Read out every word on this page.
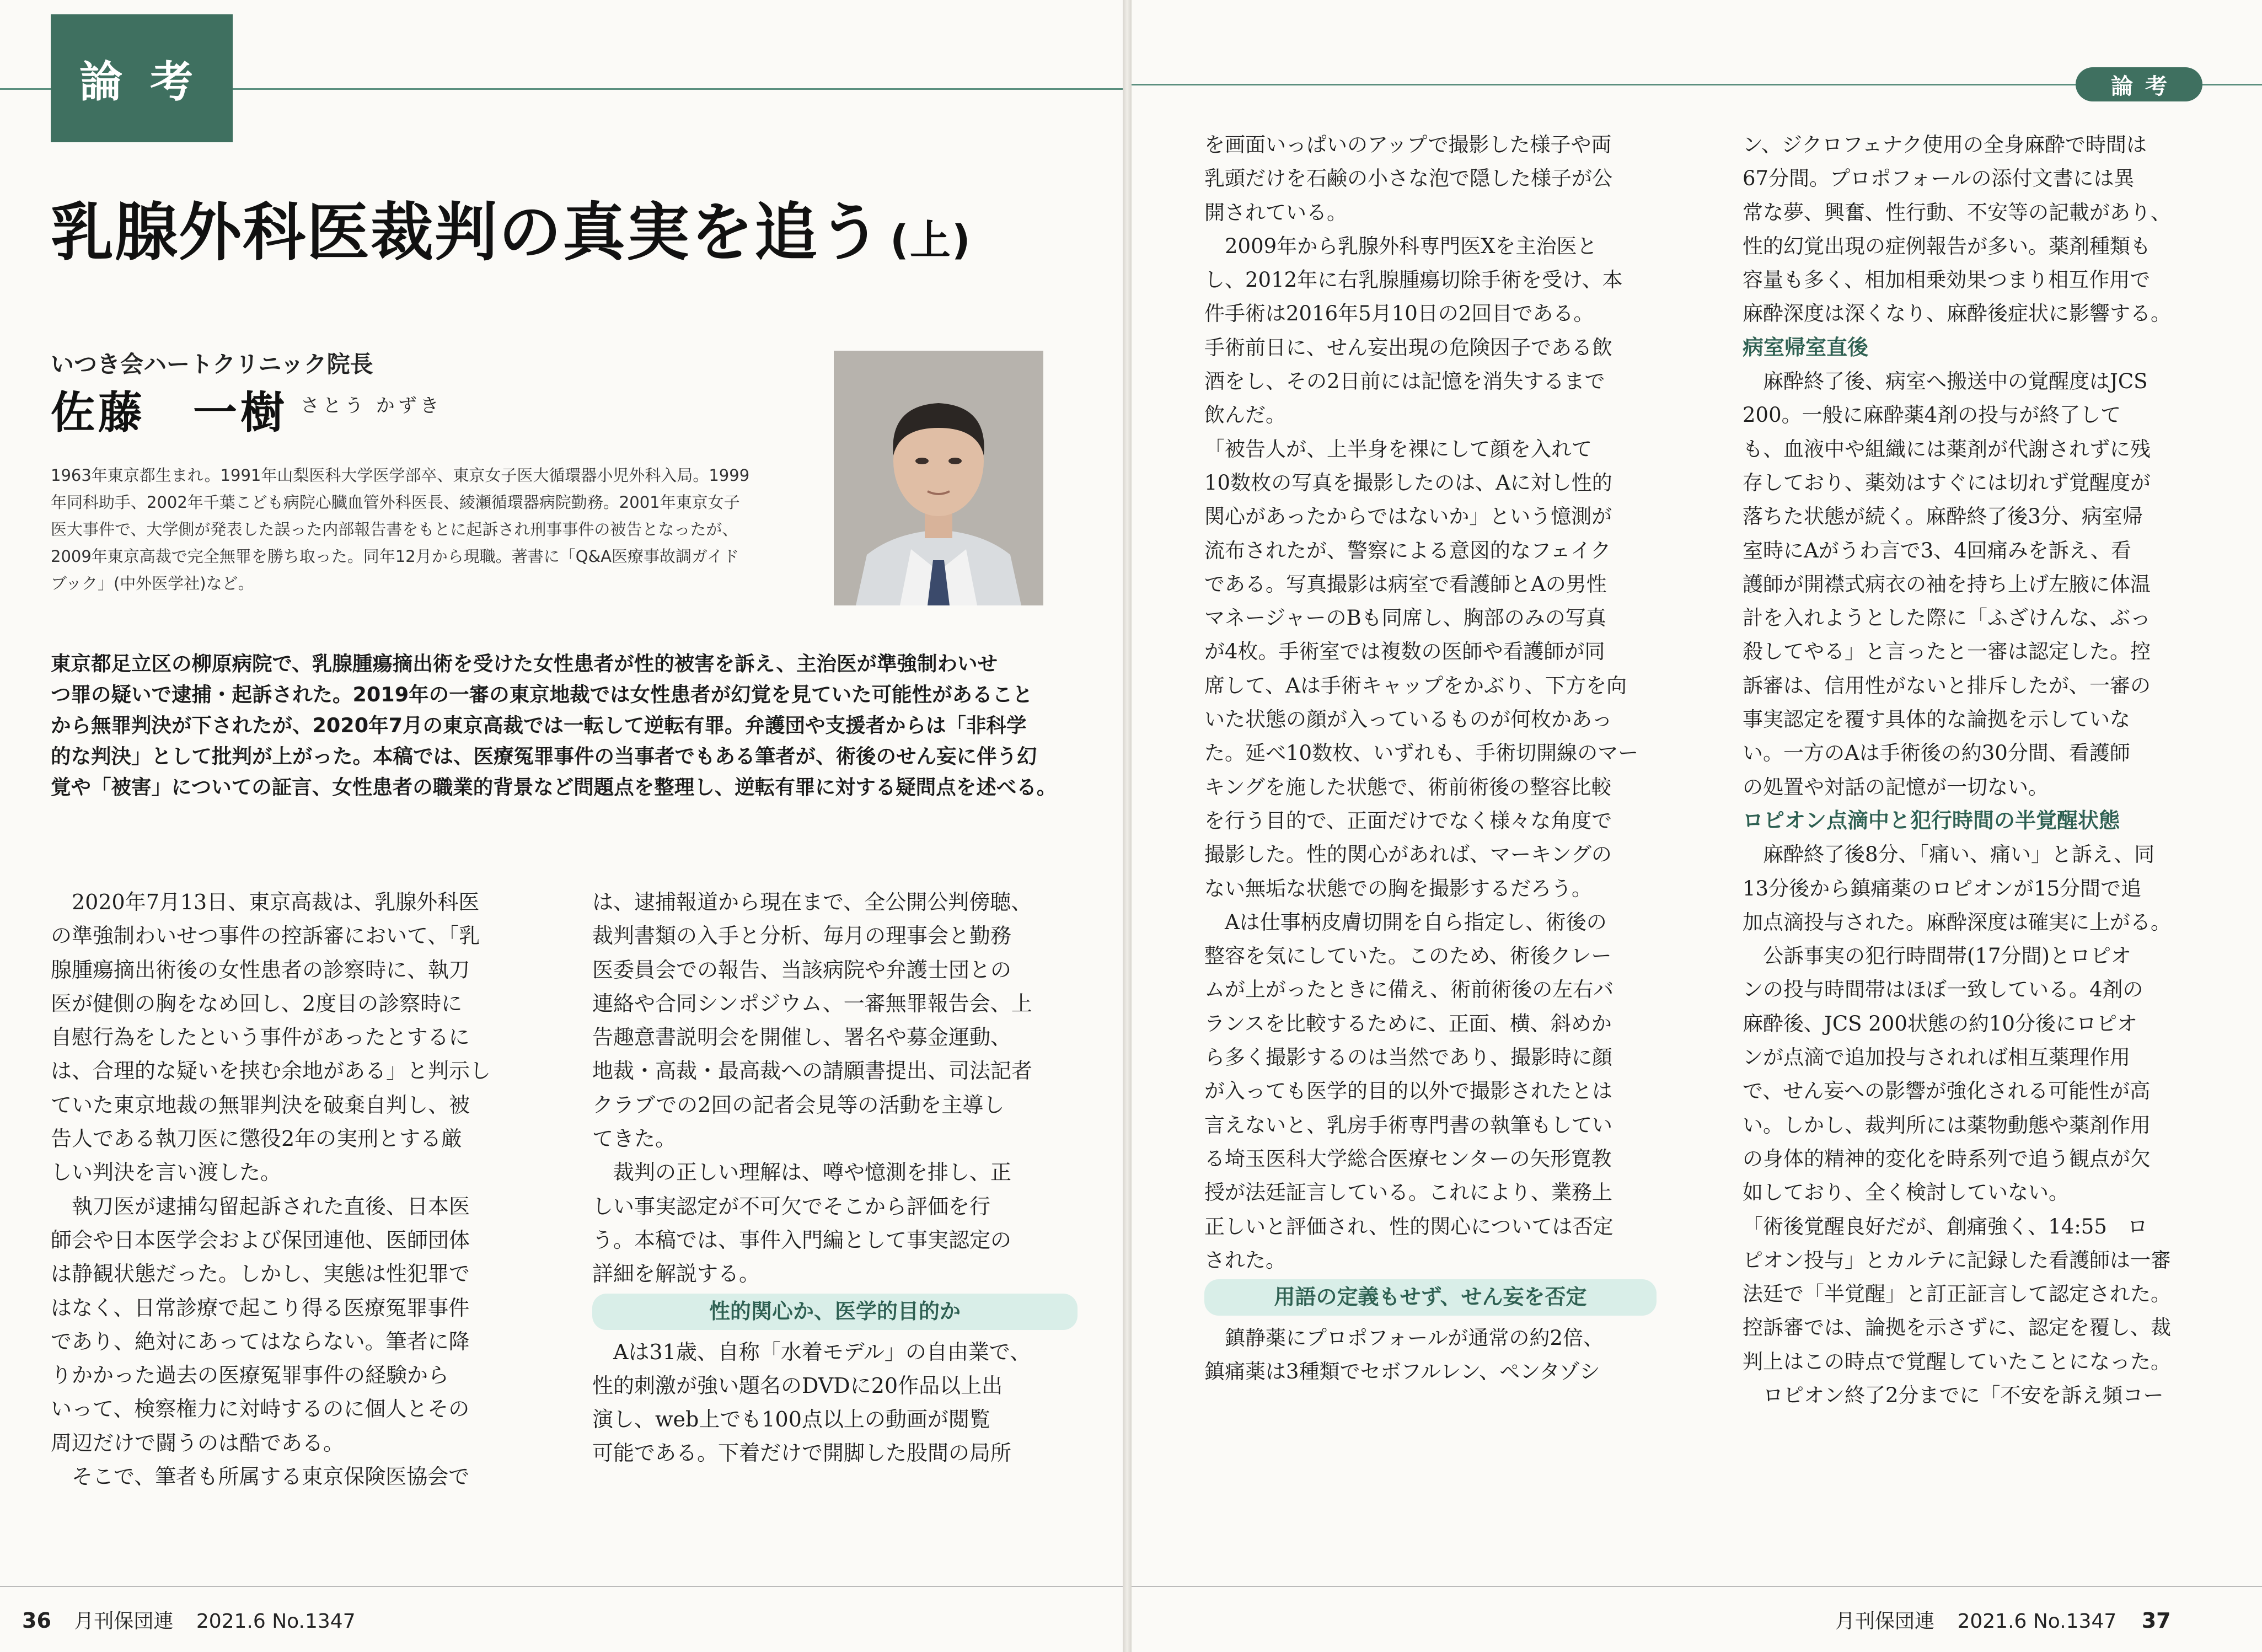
論考
乳腺外科医裁判の真実を追う (上)
いつき会ハートクリニック院長
佐藤　一樹 さとう かずき
1963年東京都生まれ。1991年山梨医科大学医学部卒、東京女子医大循環器小児外科入局。1999
年同科助手、2002年千葉こども病院心臓血管外科医長、綾瀬循環器病院勤務。2001年東京女子
医大事件で、大学側が発表した誤った内部報告書をもとに起訴され刑事事件の被告となったが、
2009年東京高裁で完全無罪を勝ち取った。同年12月から現職。著書に「Q&A医療事故調ガイド
ブック」(中外医学社)など。
東京都足立区の柳原病院で、乳腺腫瘍摘出術を受けた女性患者が性的被害を訴え、主治医が準強制わいせ
つ罪の疑いで逮捕・起訴された。2019年の一審の東京地裁では女性患者が幻覚を見ていた可能性があること
から無罪判決が下されたが、2020年7月の東京高裁では一転して逆転有罪。弁護団や支援者からは「非科学
的な判決」として批判が上がった。本稿では、医療冤罪事件の当事者でもある筆者が、術後のせん妄に伴う幻
覚や「被害」についての証言、女性患者の職業的背景など問題点を整理し、逆転有罪に対する疑問点を述べる。
　2020年7月13日、東京高裁は、乳腺外科医
の準強制わいせつ事件の控訴審において、「乳
腺腫瘍摘出術後の女性患者の診察時に、執刀
医が健側の胸をなめ回し、2度目の診察時に
自慰行為をしたという事件があったとするに
は、合理的な疑いを挟む余地がある」と判示し
ていた東京地裁の無罪判決を破棄自判し、被
告人である執刀医に懲役2年の実刑とする厳
しい判決を言い渡した。
　執刀医が逮捕勾留起訴された直後、日本医
師会や日本医学会および保団連他、医師団体
は静観状態だった。しかし、実態は性犯罪で
はなく、日常診療で起こり得る医療冤罪事件
であり、絶対にあってはならない。筆者に降
りかかった過去の医療冤罪事件の経験から
いって、検察権力に対峙するのに個人とその
周辺だけで闘うのは酷である。
　そこで、筆者も所属する東京保険医協会で
は、逮捕報道から現在まで、全公開公判傍聴、
裁判書類の入手と分析、毎月の理事会と勤務
医委員会での報告、当該病院や弁護士団との
連絡や合同シンポジウム、一審無罪報告会、上
告趣意書説明会を開催し、署名や募金運動、
地裁・高裁・最高裁への請願書提出、司法記者
クラブでの2回の記者会見等の活動を主導し
てきた。
　裁判の正しい理解は、噂や憶測を排し、正
しい事実認定が不可欠でそこから評価を行
う。本稿では、事件入門編として事実認定の
詳細を解説する。
性的関心か、医学的目的か
　Aは31歳、自称「水着モデル」の自由業で、
性的刺激が強い題名のDVDに20作品以上出
演し、web上でも100点以上の動画が閲覧
可能である。下着だけで開脚した股間の局所
36 月刊保団連 2021.6 No.1347
論考
を画面いっぱいのアップで撮影した様子や両
乳頭だけを石鹸の小さな泡で隠した様子が公
開されている。
　2009年から乳腺外科専門医Xを主治医と
し、2012年に右乳腺腫瘍切除手術を受け、本
件手術は2016年5月10日の2回目である。
手術前日に、せん妄出現の危険因子である飲
酒をし、その2日前には記憶を消失するまで
飲んだ。
「被告人が、上半身を裸にして顔を入れて
10数枚の写真を撮影したのは、Aに対し性的
関心があったからではないか」という憶測が
流布されたが、警察による意図的なフェイク
である。写真撮影は病室で看護師とAの男性
マネージャーのBも同席し、胸部のみの写真
が4枚。手術室では複数の医師や看護師が同
席して、Aは手術キャップをかぶり、下方を向
いた状態の顔が入っているものが何枚かあっ
た。延べ10数枚、いずれも、手術切開線のマー
キングを施した状態で、術前術後の整容比較
を行う目的で、正面だけでなく様々な角度で
撮影した。性的関心があれば、マーキングの
ない無垢な状態での胸を撮影するだろう。
　Aは仕事柄皮膚切開を自ら指定し、術後の
整容を気にしていた。このため、術後クレー
ムが上がったときに備え、術前術後の左右バ
ランスを比較するために、正面、横、斜めか
ら多く撮影するのは当然であり、撮影時に顔
が入っても医学的目的以外で撮影されたとは
言えないと、乳房手術専門書の執筆もしてい
る埼玉医科大学総合医療センターの矢形寛教
授が法廷証言している。これにより、業務上
正しいと評価され、性的関心については否定
された。
用語の定義もせず、せん妄を否定
　鎮静薬にプロポフォールが通常の約2倍、
鎮痛薬は3種類でセボフルレン、ペンタゾシ
ン、ジクロフェナク使用の全身麻酔で時間は
67分間。プロポフォールの添付文書には異
常な夢、興奮、性行動、不安等の記載があり、
性的幻覚出現の症例報告が多い。薬剤種類も
容量も多く、相加相乗効果つまり相互作用で
麻酔深度は深くなり、麻酔後症状に影響する。
病室帰室直後
　麻酔終了後、病室へ搬送中の覚醒度はJCS
200。一般に麻酔薬4剤の投与が終了して
も、血液中や組織には薬剤が代謝されずに残
存しており、薬効はすぐには切れず覚醒度が
落ちた状態が続く。麻酔終了後3分、病室帰
室時にAがうわ言で3、4回痛みを訴え、看
護師が開襟式病衣の袖を持ち上げ左腋に体温
計を入れようとした際に「ふざけんな、ぶっ
殺してやる」と言ったと一審は認定した。控
訴審は、信用性がないと排斥したが、一審の
事実認定を覆す具体的な論拠を示していな
い。一方のAは手術後の約30分間、看護師
の処置や対話の記憶が一切ない。
ロピオン点滴中と犯行時間の半覚醒状態
　麻酔終了後8分、「痛い、痛い」と訴え、同
13分後から鎮痛薬のロピオンが15分間で追
加点滴投与された。麻酔深度は確実に上がる。
　公訴事実の犯行時間帯(17分間)とロピオ
ンの投与時間帯はほぼ一致している。4剤の
麻酔後、JCS 200状態の約10分後にロピオ
ンが点滴で追加投与されれば相互薬理作用
で、せん妄への影響が強化される可能性が高
い。しかし、裁判所には薬物動態や薬剤作用
の身体的精神的変化を時系列で追う観点が欠
如しており、全く検討していない。
「術後覚醒良好だが、創痛強く、14:55　ロ
ピオン投与」とカルテに記録した看護師は一審
法廷で「半覚醒」と訂正証言して認定された。
控訴審では、論拠を示さずに、認定を覆し、裁
判上はこの時点で覚醒していたことになった。
　ロピオン終了2分までに「不安を訴え頻コー
月刊保団連 2021.6 No.1347 37
